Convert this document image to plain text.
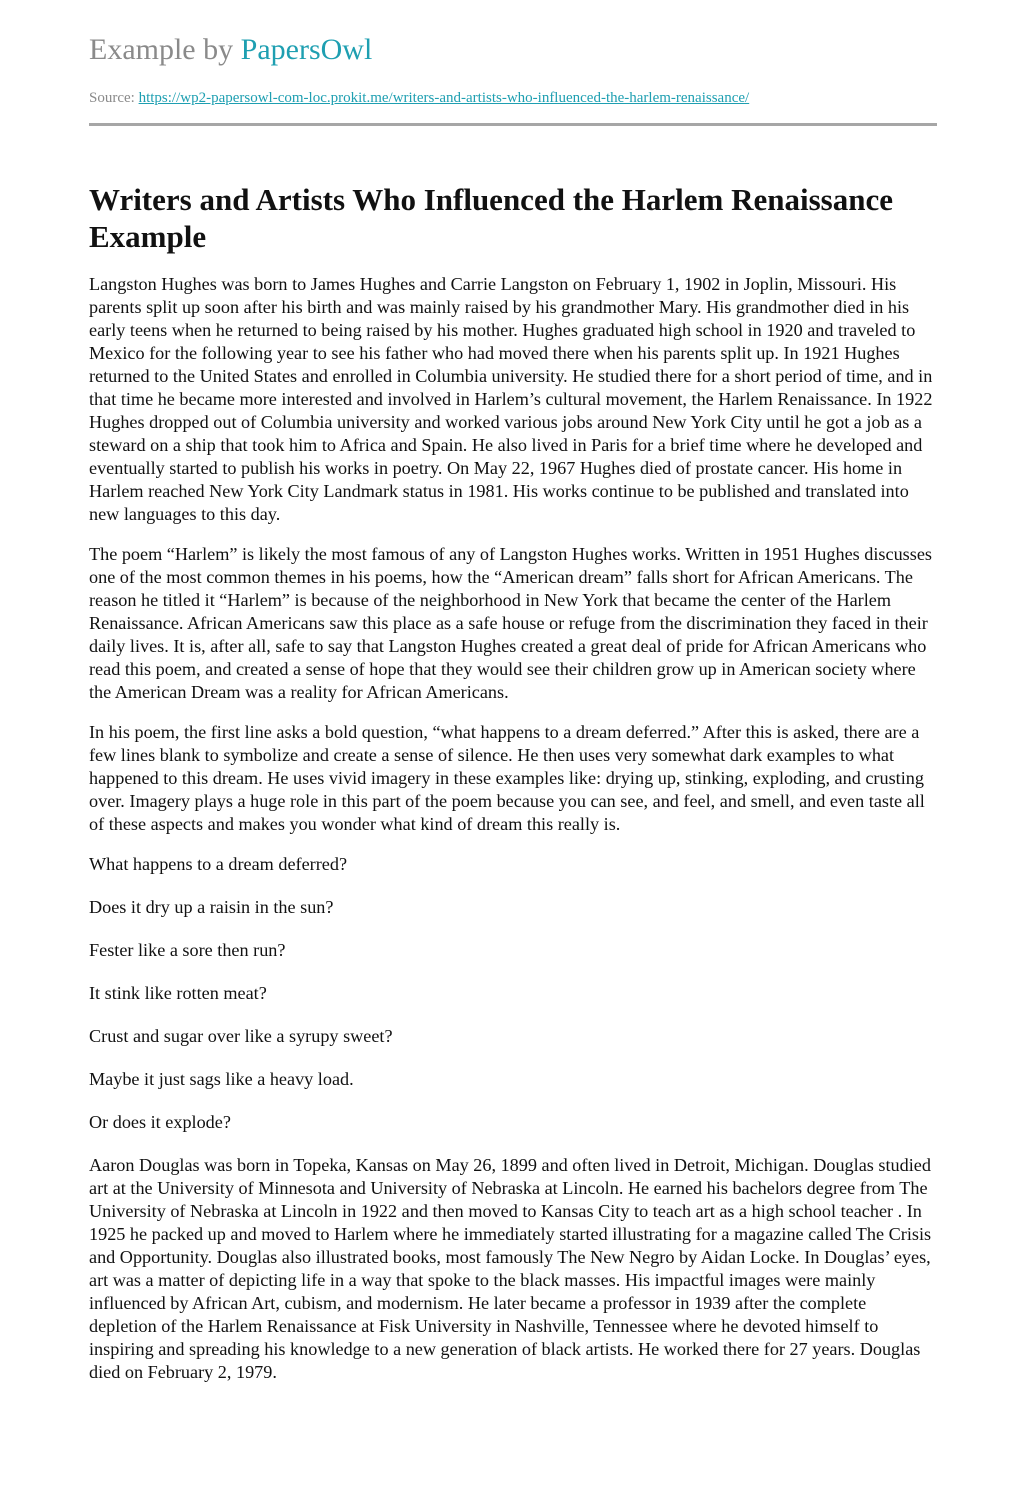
Example by PapersOwl
Source: https://wp2-papersowl-com-loc.prokit.me/writers-and-artists-who-influenced-the-harlem-renaissance/
Writers and Artists Who Influenced the Harlem Renaissance Example

Langston Hughes was born to James Hughes and Carrie Langston on February 1, 1902 in Joplin, Missouri. His parents split up soon after his birth and was mainly raised by his grandmother Mary. His grandmother died in his early teens when he returned to being raised by his mother. Hughes graduated high school in 1920 and traveled to Mexico for the following year to see his father who had moved there when his parents split up. In 1921 Hughes returned to the United States and enrolled in Columbia university. He studied there for a short period of time, and in that time he became more interested and involved in Harlem’s cultural movement, the Harlem Renaissance. In 1922 Hughes dropped out of Columbia university and worked various jobs around New York City until he got a job as a steward on a ship that took him to Africa and Spain. He also lived in Paris for a brief time where he developed and eventually started to publish his works in poetry. On May 22, 1967 Hughes died of prostate cancer. His home in Harlem reached New York City Landmark status in 1981. His works continue to be published and translated into new languages to this day.

The poem “Harlem” is likely the most famous of any of Langston Hughes works. Written in 1951 Hughes discusses one of the most common themes in his poems, how the “American dream” falls short for African Americans. The reason he titled it “Harlem” is because of the neighborhood in New York that became the center of the Harlem Renaissance. African Americans saw this place as a safe house or refuge from the discrimination they faced in their daily lives. It is, after all, safe to say that Langston Hughes created a great deal of pride for African Americans who read this poem, and created a sense of hope that they would see their children grow up in American society where the American Dream was a reality for African Americans.

In his poem, the first line asks a bold question, “what happens to a dream deferred.” After this is asked, there are a few lines blank to symbolize and create a sense of silence. He then uses very somewhat dark examples to what happened to this dream. He uses vivid imagery in these examples like: drying up, stinking, exploding, and crusting over. Imagery plays a huge role in this part of the poem because you can see, and feel, and smell, and even taste all of these aspects and makes you wonder what kind of dream this really is.

What happens to a dream deferred?

Does it dry up a raisin in the sun?

Fester like a sore then run?

It stink like rotten meat?

Crust and sugar over like a syrupy sweet?

Maybe it just sags like a heavy load.

Or does it explode?

Aaron Douglas was born in Topeka, Kansas on May 26, 1899 and often lived in Detroit, Michigan. Douglas studied art at the University of Minnesota and University of Nebraska at Lincoln. He earned his bachelors degree from The University of Nebraska at Lincoln in 1922 and then moved to Kansas City to teach art as a high school teacher . In 1925 he packed up and moved to Harlem where he immediately started illustrating for a magazine called The Crisis and Opportunity. Douglas also illustrated books, most famously The New Negro by Aidan Locke. In Douglas’ eyes, art was a matter of depicting life in a way that spoke to the black masses. His impactful images were mainly influenced by African Art, cubism, and modernism. He later became a professor in 1939 after the complete depletion of the Harlem Renaissance at Fisk University in Nashville, Tennessee where he devoted himself to inspiring and spreading his knowledge to a new generation of black artists. He worked there for 27 years. Douglas died on February 2, 1979.
